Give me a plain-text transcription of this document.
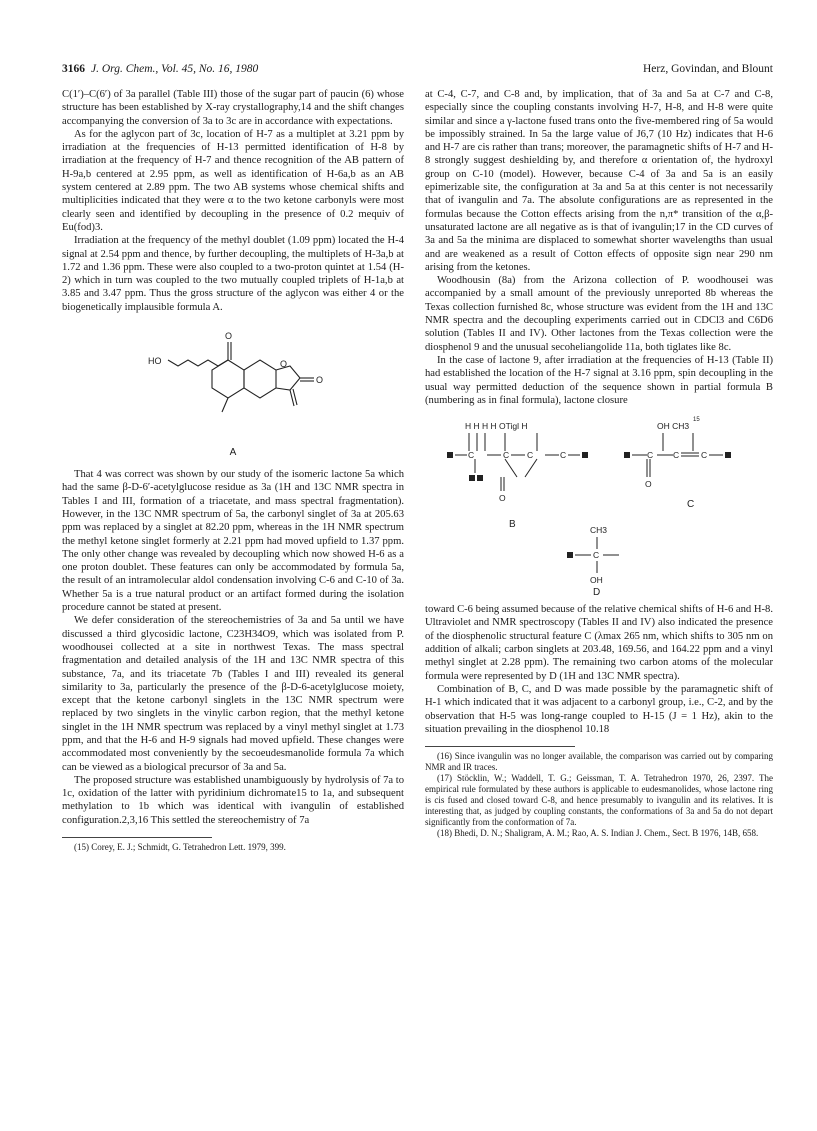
3166 J. Org. Chem., Vol. 45, No. 16, 1980	Herz, Govindan, and Blount

C(1′)–C(6′) of 3a parallel (Table III) those of the sugar part of paucin (6) whose structure has been established by X-ray crystallography,14 and the shift changes accompanying the conversion of 3a to 3c are in accordance with expectations.

As for the aglycon part of 3c, location of H-7 as a multiplet at 3.21 ppm by irradiation at the frequencies of H-13 permitted identification of H-8 by irradiation at the frequency of H-7 and thence recognition of the AB pattern of H-9a,b centered at 2.95 ppm, as well as identification of H-6a,b as an AB system centered at 2.89 ppm. The two AB systems whose chemical shifts and multiplicities indicated that they were α to the two ketone carbonyls were most clearly seen and identified by decoupling in the presence of 0.2 mequiv of Eu(fod)3.

Irradiation at the frequency of the methyl doublet (1.09 ppm) located the H-4 signal at 2.54 ppm and thence, by further decoupling, the multiplets of H-3a,b at 1.72 and 1.36 ppm. These were also coupled to a two-proton quintet at 1.54 (H-2) which in turn was coupled to the two mutually coupled triplets of H-1a,b at 3.85 and 3.47 ppm. Thus the gross structure of the aglycon was either 4 or the biogenetically implausible formula A.

HO
O
O
O
A

That 4 was correct was shown by our study of the isomeric lactone 5a which had the same β-D-6′-acetylglucose residue as 3a (1H and 13C NMR spectra in Tables I and III, formation of a triacetate, and mass spectral fragmentation). However, in the 13C NMR spectrum of 5a, the carbonyl singlet of 3a at 205.63 ppm was replaced by a singlet at 82.20 ppm, whereas in the 1H NMR spectrum the methyl ketone singlet formerly at 2.21 ppm had moved upfield to 1.37 ppm. The only other change was revealed by decoupling which now showed H-6 as a one proton doublet. These features can only be accommodated by formula 5a, the result of an intramolecular aldol condensation involving C-6 and C-10 of 3a. Whether 5a is a true natural product or an artifact formed during the isolation procedure cannot be stated at present.

We defer consideration of the stereochemistries of 3a and 5a until we have discussed a third glycosidic lactone, C23H34O9, which was isolated from P. woodhousei collected at a site in northwest Texas. The mass spectral fragmentation and detailed analysis of the 1H and 13C NMR spectra of this substance, 7a, and its triacetate 7b (Tables I and III) revealed its general similarity to 3a, particularly the presence of the β-D-6-acetylglucose moiety, except that the ketone carbonyl singlets in the 13C NMR spectrum were replaced by two singlets in the vinylic carbon region, that the methyl ketone singlet in the 1H NMR spectrum was replaced by a vinyl methyl singlet at 1.73 ppm, and that the H-6 and H-9 signals had moved upfield. These changes were accommodated most conveniently by the secoeudesmanolide formula 7a which can be viewed as a biological precursor of 3a and 5a.

The proposed structure was established unambiguously by hydrolysis of 7a to 1c, oxidation of the latter with pyridinium dichromate15 to 1a, and subsequent methylation to 1b which was identical with ivangulin of established configuration.2,3,16 This settled the stereochemistry of 7a

(15) Corey, E. J.; Schmidt, G. Tetrahedron Lett. 1979, 399.

at C-4, C-7, and C-8 and, by implication, that of 3a and 5a at C-7 and C-8, especially since the coupling constants involving H-7, H-8, and H-8 were quite similar and since a γ-lactone fused trans onto the five-membered ring of 5a would be impossibly strained. In 5a the large value of J6,7 (10 Hz) indicates that H-6 and H-7 are cis rather than trans; moreover, the paramagnetic shifts of H-7 and H-8 strongly suggest deshielding by, and therefore α orientation of, the hydroxyl group on C-10 (model). However, because C-4 of 3a and 5a is an easily epimerizable site, the configuration at 3a and 5a at this center is not necessarily that of ivangulin and 7a. The absolute configurations are as represented in the formulas because the Cotton effects arising from the n,π* transition of the α,β-unsaturated lactone are all negative as is that of ivangulin;17 in the CD curves of 3a and 5a the minima are displaced to somewhat shorter wavelengths than usual and are weakened as a result of Cotton effects of opposite sign near 290 nm arising from the ketones.

Woodhousin (8a) from the Arizona collection of P. woodhousei was accompanied by a small amount of the previously unreported 8b whereas the Texas collection furnished 8c, whose structure was evident from the 1H and 13C NMR spectra and the decoupling experiments carried out in CDCl3 and C6D6 solution (Tables II and IV). Other lactones from the Texas collection were the diosphenol 9 and the unusual secoheliangolide 11a, both tiglates like 8c.

In the case of lactone 9, after irradiation at the frequencies of H-13 (Table II) had established the location of the H-7 signal at 3.16 ppm, spin decoupling in the usual way permitted deduction of the sequence shown in partial formula B (numbering as in final formula), lactone closure

H H H H OTigl H
C	C C	C
O
B
15
OH CH3
C C	C
O
C
CH3
C
OH
D

toward C-6 being assumed because of the relative chemical shifts of H-6 and H-8. Ultraviolet and NMR spectroscopy (Tables II and IV) also indicated the presence of the diosphenolic structural feature C (λmax 265 nm, which shifts to 305 nm on addition of alkali; carbon singlets at 203.48, 169.56, and 164.22 ppm and a vinyl methyl singlet at 2.28 ppm). The remaining two carbon atoms of the molecular formula were represented by D (1H and 13C NMR spectra).

Combination of B, C, and D was made possible by the paramagnetic shift of H-1 which indicated that it was adjacent to a carbonyl group, i.e., C-2, and by the observation that H-5 was long-range coupled to H-15 (J = 1 Hz), akin to the situation prevailing in the diosphenol 10.18

(16) Since ivangulin was no longer available, the comparison was carried out by comparing NMR and IR traces.

(17) Stöcklin, W.; Waddell, T. G.; Geissman, T. A. Tetrahedron 1970, 26, 2397. The empirical rule formulated by these authors is applicable to eudesmanolides, whose lactone ring is cis fused and closed toward C-8, and hence presumably to ivangulin and its relatives. It is interesting that, as judged by coupling constants, the conformations of 3a and 5a do not depart significantly from the conformation of 7a.

(18) Bhedi, D. N.; Shaligram, A. M.; Rao, A. S. Indian J. Chem., Sect. B 1976, 14B, 658.
